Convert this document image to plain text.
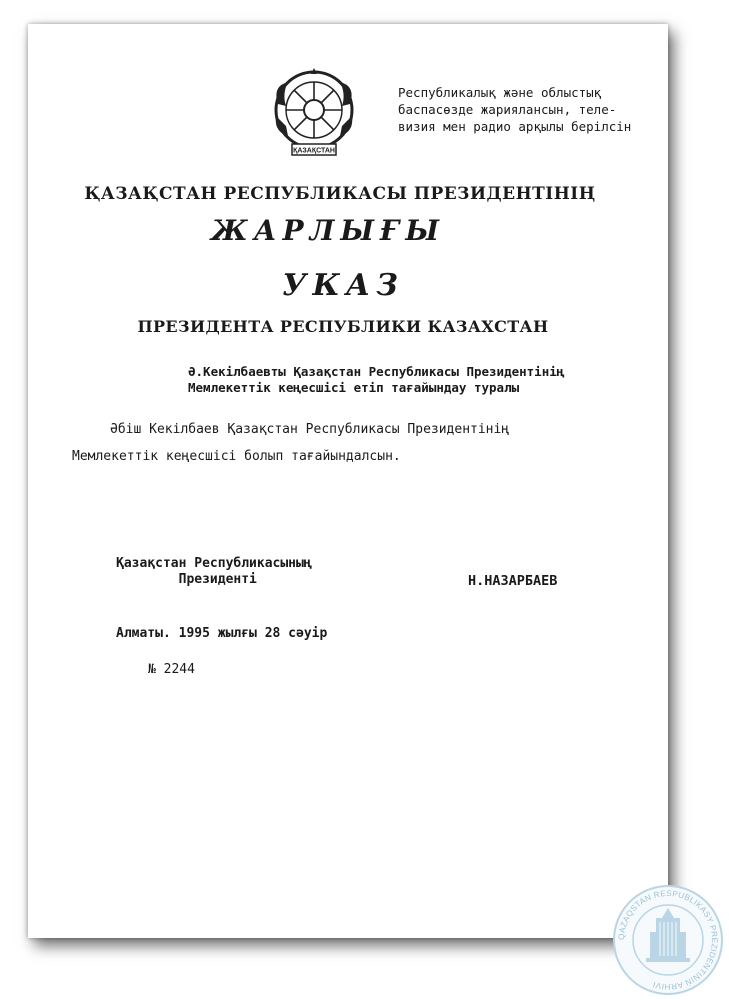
ҚАЗАҚСТАН
Республикалық және облыстық
баспасөзде жариялансын, теле-
визия мен радио арқылы берілсін
ҚАЗАҚСТАН РЕСПУБЛИКАСЫ ПРЕЗИДЕНТІНІҢ
ЖАРЛЫҒЫ
УКАЗ
ПРЕЗИДЕНТА РЕСПУБЛИКИ КАЗАХСТАН
Ә.Кекілбаевты Қазақстан Республикасы Президентінің
Мемлекеттік кеңесшісі етіп тағайындау туралы
Әбіш Кекілбаев Қазақстан Республикасы Президентінің
Мемлекеттік кеңесшісі болып тағайындалсын.
Қазақстан Республикасының
Президенті	Н.НАЗАРБАЕВ
Алматы. 1995 жылғы 28 сәуір
№ 2244
QAZAQSTAN RESPUBLIKASY PREZIDENTINIŃ ARHIVI
